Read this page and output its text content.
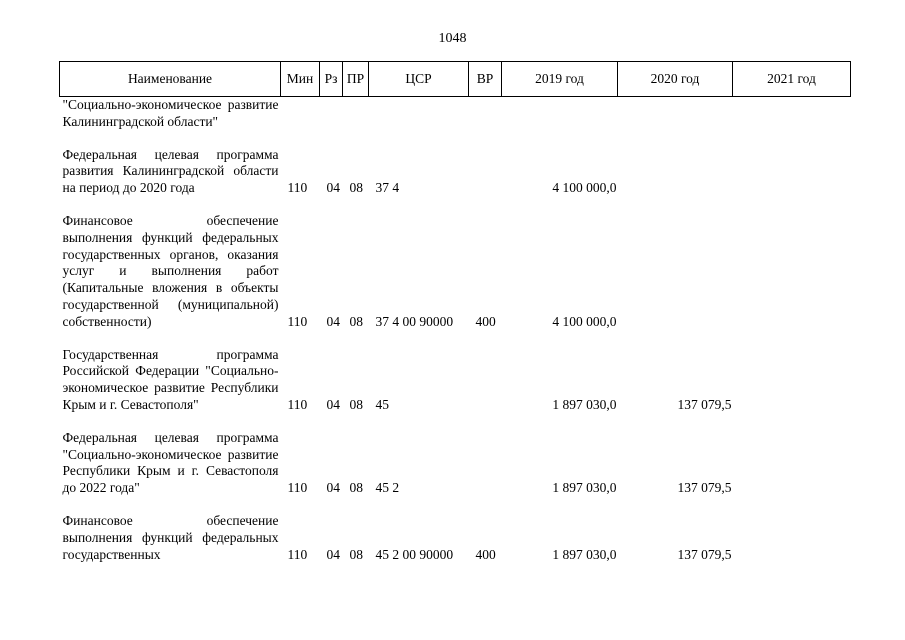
1048
Наименование	Мин	Рз	ПР	ЦСР	ВР	2019 год	2020 год	2021 год
"Социально-экономическое развитие Калининградской области"								
Федеральная целевая программа развития Калининградской области на период до 2020 года	110	04	08	37 4		4 100 000,0		
Финансовое обеспечение выполнения функций федеральных государственных органов, оказания услуг и выполнения работ (Капитальные вложения в объекты государственной (муниципальной) собственности)	110	04	08	37 4 00 90000	400	4 100 000,0		
Государственная программа Российской Федерации "Социально-экономическое развитие Республики Крым и г. Севастополя"	110	04	08	45		1 897 030,0	137 079,5	
Федеральная целевая программа "Социально-экономическое развитие Республики Крым и г. Севастополя до 2022 года"	110	04	08	45 2		1 897 030,0	137 079,5	
Финансовое обеспечение выполнения функций федеральных государственных	110	04	08	45 2 00 90000	400	1 897 030,0	137 079,5	
